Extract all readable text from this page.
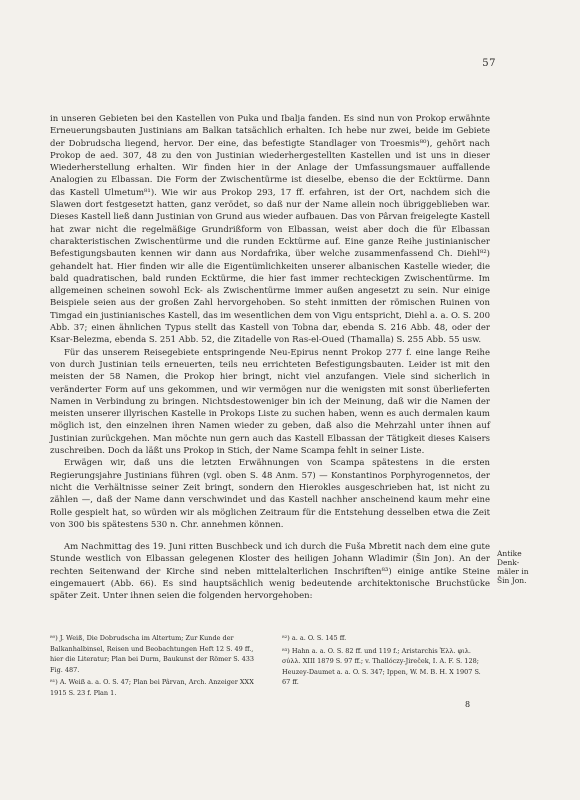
57

in unseren Gebieten bei den Kastellen von Puka und Ibalja fanden. Es sind nun von Prokop erwähnte Erneuerungsbauten Justinians am Balkan tatsächlich erhalten. Ich hebe nur zwei, beide im Gebiete der Dobrudscha liegend, hervor. Der eine, das befestigte Standlager von Troesmis⁸⁰), gehört nach Prokop de aed. 307, 48 zu den von Justinian wiederhergestellten Kastellen und ist uns in dieser Wiederherstellung erhalten. Wir finden hier in der Anlage der Umfassungsmauer auffallende Analogien zu Elbassan. Die Form der Zwischentürme ist dieselbe, ebenso die der Ecktürme. Dann das Kastell Ulmetum⁸¹). Wie wir aus Prokop 293, 17 ff. erfahren, ist der Ort, nachdem sich die Slawen dort festgesetzt hatten, ganz verödet, so daß nur der Name allein noch übriggeblieben war. Dieses Kastell ließ dann Justinian von Grund aus wieder aufbauen. Das von Pârvan freigelegte Kastell hat zwar nicht die regelmäßige Grundrißform von Elbassan, weist aber doch die für Elbassan charakteristischen Zwischentürme und die runden Ecktürme auf. Eine ganze Reihe justinianischer Befestigungsbauten kennen wir dann aus Nordafrika, über welche zusammenfassend Ch. Diehl⁸²) gehandelt hat. Hier finden wir alle die Eigentümlichkeiten unserer albanischen Kastelle wieder, die bald quadratischen, bald runden Ecktürme, die hier fast immer rechteckigen Zwischentürme. Im allgemeinen scheinen sowohl Eck- als Zwischentürme immer außen angesetzt zu sein. Nur einige Beispiele seien aus der großen Zahl hervorgehoben. So steht inmitten der römischen Ruinen von Timgad ein justinianisches Kastell, das im wesentlichen dem von Vigu entspricht, Diehl a. a. O. S. 200 Abb. 37; einen ähnlichen Typus stellt das Kastell von Tobna dar, ebenda S. 216 Abb. 48, oder der Ksar-Belezma, ebenda S. 251 Abb. 52, die Zitadelle von Ras-el-Oued (Thamalla) S. 255 Abb. 55 usw.

Für das unserem Reisegebiete entspringende Neu-Epirus nennt Prokop 277 f. eine lange Reihe von durch Justinian teils erneuerten, teils neu errichteten Befestigungsbauten. Leider ist mit den meisten der 58 Namen, die Prokop hier bringt, nicht viel anzufangen. Viele sind sicherlich in veränderter Form auf uns gekommen, und wir vermögen nur die wenigsten mit sonst überlieferten Namen in Verbindung zu bringen. Nichtsdestoweniger bin ich der Meinung, daß wir die Namen der meisten unserer illyrischen Kastelle in Prokops Liste zu suchen haben, wenn es auch dermalen kaum möglich ist, den einzelnen ihren Namen wieder zu geben, daß also die Mehrzahl unter ihnen auf Justinian zurückgehen. Man möchte nun gern auch das Kastell Elbassan der Tätigkeit dieses Kaisers zuschreiben. Doch da läßt uns Prokop in Stich, der Name Scampa fehlt in seiner Liste.

Erwägen wir, daß uns die letzten Erwähnungen von Scampa spätestens in die ersten Regierungsjahre Justinians führen (vgl. oben S. 48 Anm. 57) — Konstantinos Porphyrogennetos, der nicht die Verhältnisse seiner Zeit bringt, sondern den Hierokles ausgeschrieben hat, ist nicht zu zählen —, daß der Name dann verschwindet und das Kastell nachher anscheinend kaum mehr eine Rolle gespielt hat, so würden wir als möglichen Zeitraum für die Entstehung desselben etwa die Zeit von 300 bis spätestens 530 n. Chr. annehmen können.

Am Nachmittag des 19. Juni ritten Buschbeck und ich durch die Fuša Mbretit nach dem eine gute Stunde westlich von Elbassan gelegenen Kloster des heiligen Johann Wladimir (Šin Jon). An der rechten Seitenwand der Kirche sind neben mittelalterlichen Inschriften⁸³) einige antike Steine eingemauert (Abb. 66). Es sind hauptsächlich wenig bedeutende architektonische Bruchstücke später Zeit. Unter ihnen seien die folgenden hervorgehoben:

Antike
Denk-
mäler in
Šin Jon.

⁸⁰) J. Weiß, Die Dobrudscha im Altertum; Zur Kunde der Balkanhalbinsel, Reisen und Beobachtungen Heft 12 S. 49 ff., hier die Literatur; Plan bei Durm, Baukunst der Römer S. 433 Fig. 487.

⁸¹) A. Weiß a. a. O. S. 47; Plan bei Pârvan, Arch. Anzeiger XXX 1915 S. 23 f. Plan 1.

⁸²) a. a. O. S. 145 ff.

⁸³) Hahn a. a. O. S. 82 ff. und 119 f.; Aristarchis Ἑλλ. φιλ. σύλλ. XIII 1879 S. 97 ff.; v. Thallóczy-Jireček, I. A. F. S. 128; Heuzey-Daumet a. a. O. S. 347; Ippen, W. M. B. H. X 1907 S. 67 ff.

8
